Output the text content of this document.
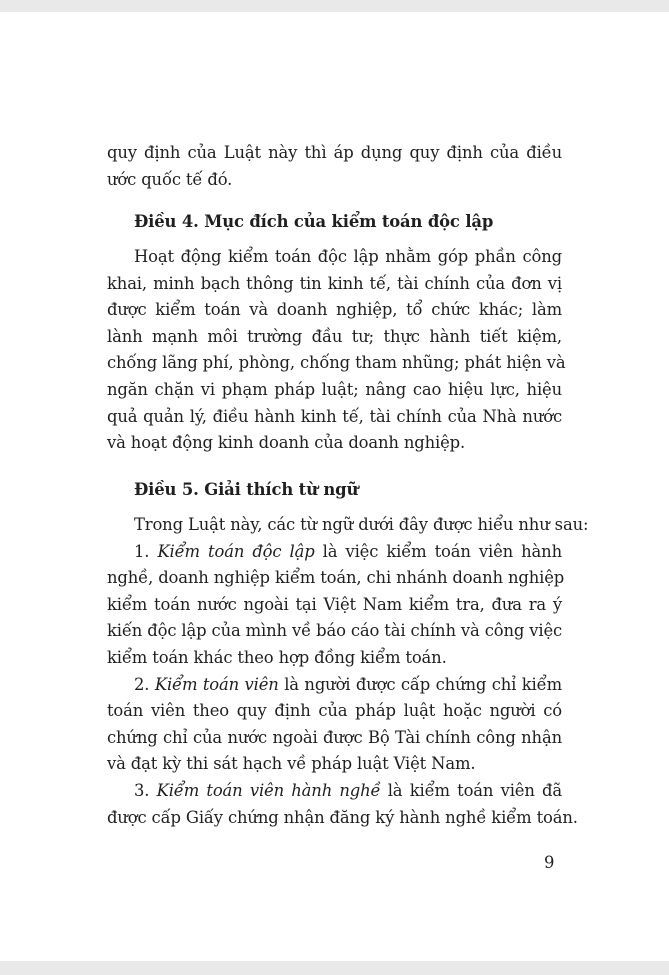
quy định của Luật này thì áp dụng quy định của điều
ước quốc tế đó.
Điều 4. Mục đích của kiểm toán độc lập
Hoạt động kiểm toán độc lập nhằm góp phần công
khai, minh bạch thông tin kinh tế, tài chính của đơn vị
được kiểm toán và doanh nghiệp, tổ chức khác; làm
lành mạnh môi trường đầu tư; thực hành tiết kiệm,
chống lãng phí, phòng, chống tham nhũng; phát hiện và
ngăn chặn vi phạm pháp luật; nâng cao hiệu lực, hiệu
quả quản lý, điều hành kinh tế, tài chính của Nhà nước
và hoạt động kinh doanh của doanh nghiệp.
Điều 5. Giải thích từ ngữ
Trong Luật này, các từ ngữ dưới đây được hiểu như sau:
1. Kiểm toán độc lập là việc kiểm toán viên hành
nghề, doanh nghiệp kiểm toán, chi nhánh doanh nghiệp
kiểm toán nước ngoài tại Việt Nam kiểm tra, đưa ra ý
kiến độc lập của mình về báo cáo tài chính và công việc
kiểm toán khác theo hợp đồng kiểm toán.
2. Kiểm toán viên là người được cấp chứng chỉ kiểm
toán viên theo quy định của pháp luật hoặc người có
chứng chỉ của nước ngoài được Bộ Tài chính công nhận
và đạt kỳ thi sát hạch về pháp luật Việt Nam.
3. Kiểm toán viên hành nghề là kiểm toán viên đã
được cấp Giấy chứng nhận đăng ký hành nghề kiểm toán.
9
